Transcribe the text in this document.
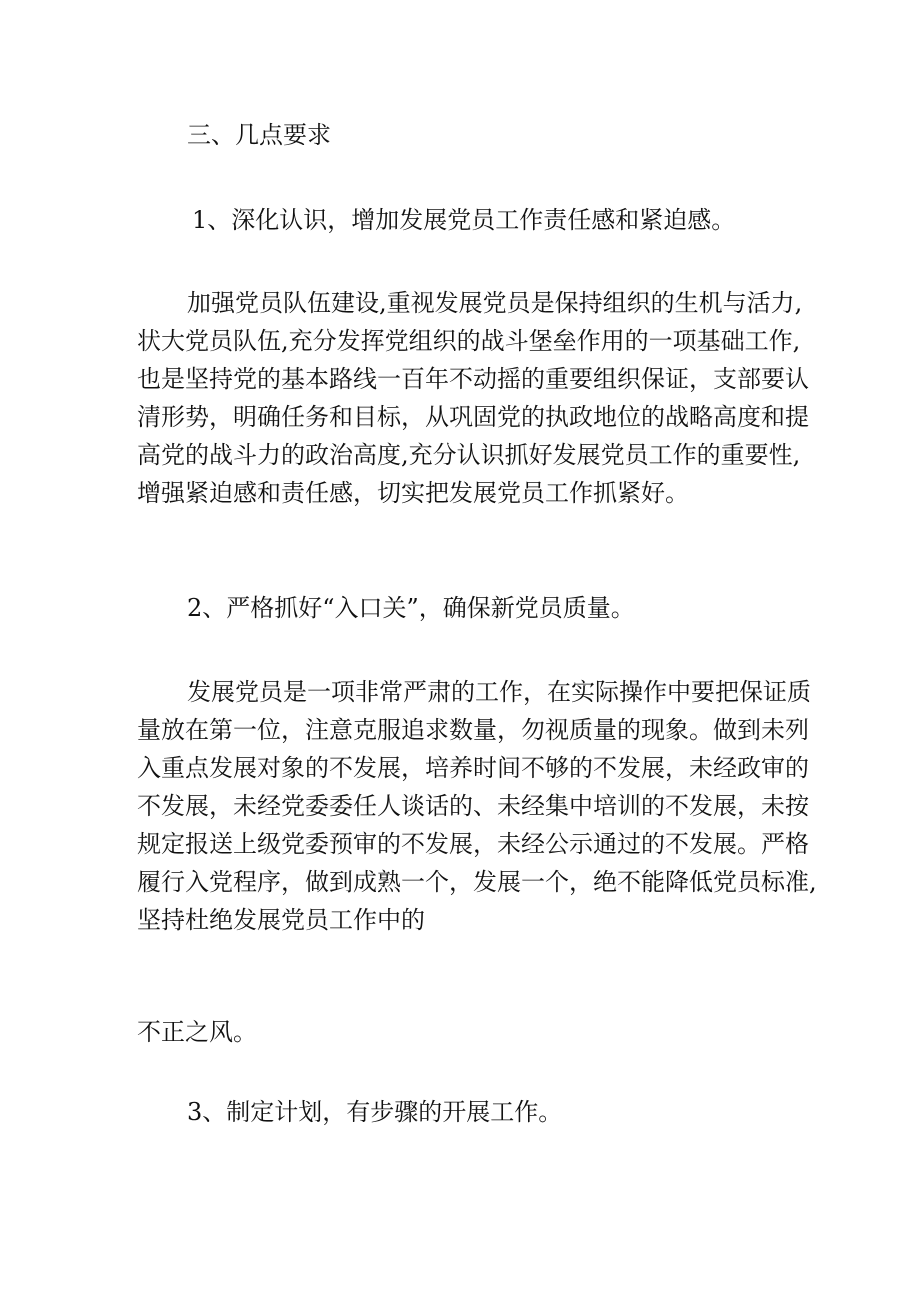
三、几点要求
1、深化认识，增加发展党员工作责任感和紧迫感。
加强党员队伍建设,重视发展党员是保持组织的生机与活力,
状大党员队伍,充分发挥党组织的战斗堡垒作用的一项基础工作,
也是坚持党的基本路线一百年不动摇的重要组织保证，支部要认
清形势，明确任务和目标，从巩固党的执政地位的战略高度和提
高党的战斗力的政治高度,充分认识抓好发展党员工作的重要性,
增强紧迫感和责任感，切实把发展党员工作抓紧好。
2、严格抓好“入口关”，确保新党员质量。
发展党员是一项非常严肃的工作，在实际操作中要把保证质
量放在第一位，注意克服追求数量，勿视质量的现象。做到未列
入重点发展对象的不发展，培养时间不够的不发展，未经政审的
不发展，未经党委委任人谈话的、未经集中培训的不发展，未按
规定报送上级党委预审的不发展，未经公示通过的不发展。严格
履行入党程序，做到成熟一个，发展一个，绝不能降低党员标准,
坚持杜绝发展党员工作中的
不正之风。
3、制定计划，有步骤的开展工作。
